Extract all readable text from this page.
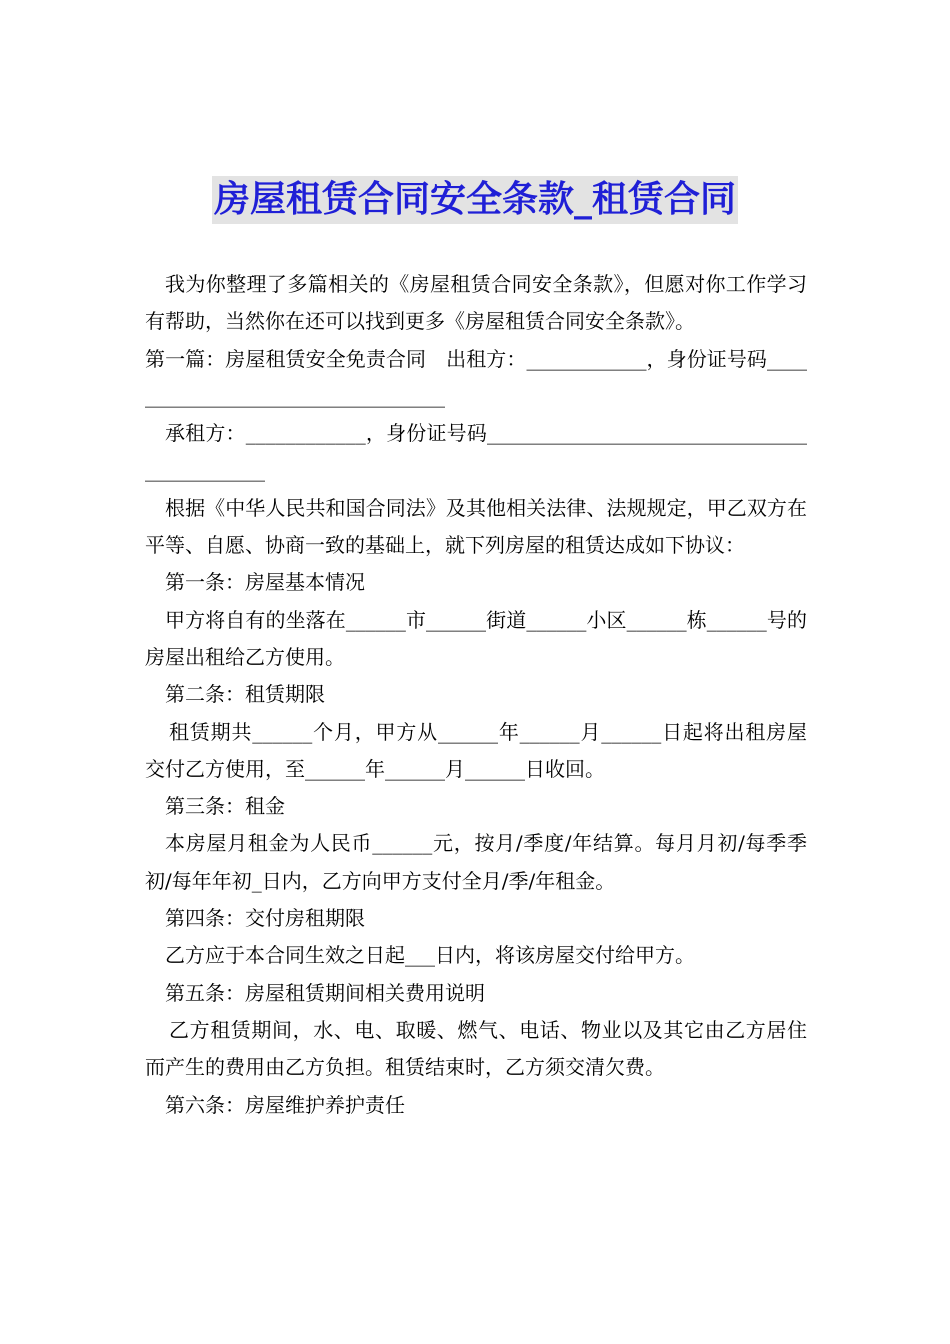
房屋租赁合同安全条款_租赁合同

我为你整理了多篇相关的《房屋租赁合同安全条款》，但愿对你工作学习有帮助，当然你在还可以找到更多《房屋租赁合同安全条款》。

第一篇：房屋租赁安全免责合同　出租方：____________，身份证号码__________________________________

承租方：____________，身份证号码____________________________________________

根据《中华人民共和国合同法》及其他相关法律、法规规定，甲乙双方在平等、自愿、协商一致的基础上，就下列房屋的租赁达成如下协议：

第一条：房屋基本情况

甲方将自有的坐落在______市______街道______小区______栋______号的房屋出租给乙方使用。

第二条：租赁期限

租赁期共______个月，甲方从______年______月______日起将出租房屋交付乙方使用，至______年______月______日收回。

第三条：租金

本房屋月租金为人民币______元，按月/季度/年结算。每月月初/每季季初/每年年初_日内，乙方向甲方支付全月/季/年租金。

第四条：交付房租期限

乙方应于本合同生效之日起___日内，将该房屋交付给甲方。

第五条：房屋租赁期间相关费用说明

乙方租赁期间，水、电、取暖、燃气、电话、物业以及其它由乙方居住而产生的费用由乙方负担。租赁结束时，乙方须交清欠费。

第六条：房屋维护养护责任
